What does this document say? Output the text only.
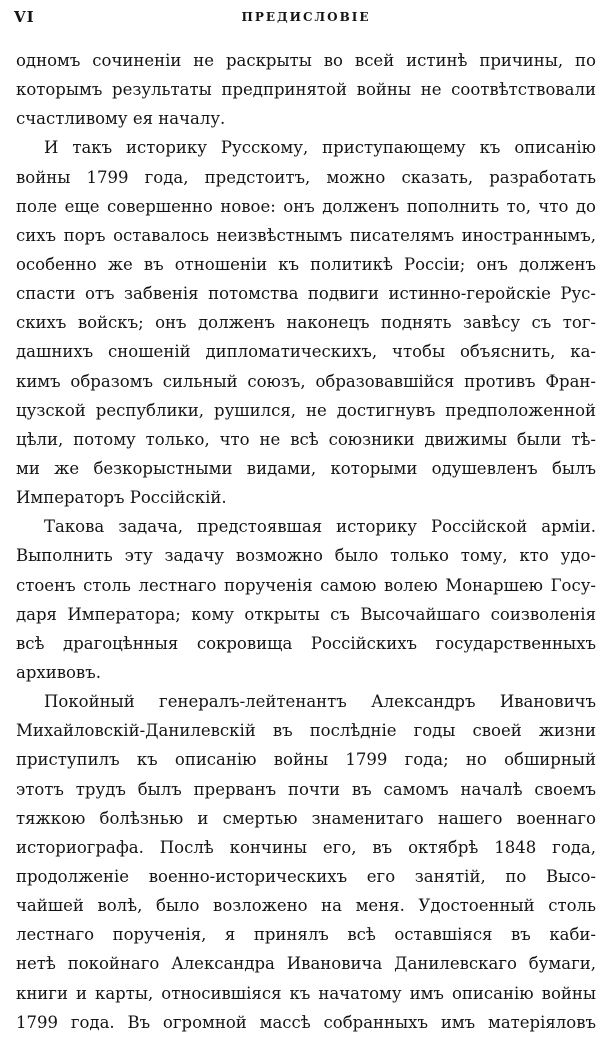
VI	ПРЕДИСЛОВІЕ
одномъ сочиненіи не раскрыты во всей истинѣ причины, по
которымъ результаты предпринятой войны не соотвѣтствовали
счастливому ея началу.
И такъ историку Русскому, приступающему къ описанію
войны 1799 года, предстоитъ, можно сказать, разработать
поле еще совершенно новое: онъ долженъ пополнить то, что до
сихъ поръ оставалось неизвѣстнымъ писателямъ иностраннымъ,
особенно же въ отношеніи къ политикѣ Россіи; онъ долженъ
спасти отъ забвенія потомства подвиги истинно-геройскіе Рус-
скихъ войскъ; онъ долженъ наконецъ поднять завѣсу съ тог-
дашнихъ сношеній дипломатическихъ, чтобы объяснить, ка-
кимъ образомъ сильный союзъ, образовавшійся противъ Фран-
цузской республики, рушился, не достигнувъ предположенной
цѣли, потому только, что не всѣ союзники движимы были тѣ-
ми же безкорыстными видами, которыми одушевленъ былъ
Императоръ Россійскій.
Такова задача, предстоявшая историку Россійской арміи.
Выполнить эту задачу возможно было только тому, кто удо-
стоенъ столь лестнаго порученія самою волею Монаршею Госу-
даря Императора; кому открыты съ Высочайшаго соизволенія
всѣ драгоцѣнныя сокровища Россійскихъ государственныхъ
архивовъ.
Покойный генералъ-лейтенантъ Александръ Ивановичъ
Михайловскій-Данилевскій въ послѣдніе годы своей жизни
приступилъ къ описанію войны 1799 года; но обширный
этотъ трудъ былъ прерванъ почти въ самомъ началѣ своемъ
тяжкою болѣзнью и смертью знаменитаго нашего военнаго
историографа. Послѣ кончины его, въ октябрѣ 1848 года,
продолженіе военно-историческихъ его занятій, по Высо-
чайшей волѣ, было возложено на меня. Удостоенный столь
лестнаго порученія, я принялъ всѣ оставшіяся въ каби-
нетѣ покойнаго Александра Ивановича Данилевскаго бумаги,
книги и карты, относившіяся къ начатому имъ описанію войны
1799 года. Въ огромной массѣ собранныхъ имъ матеріяловъ
